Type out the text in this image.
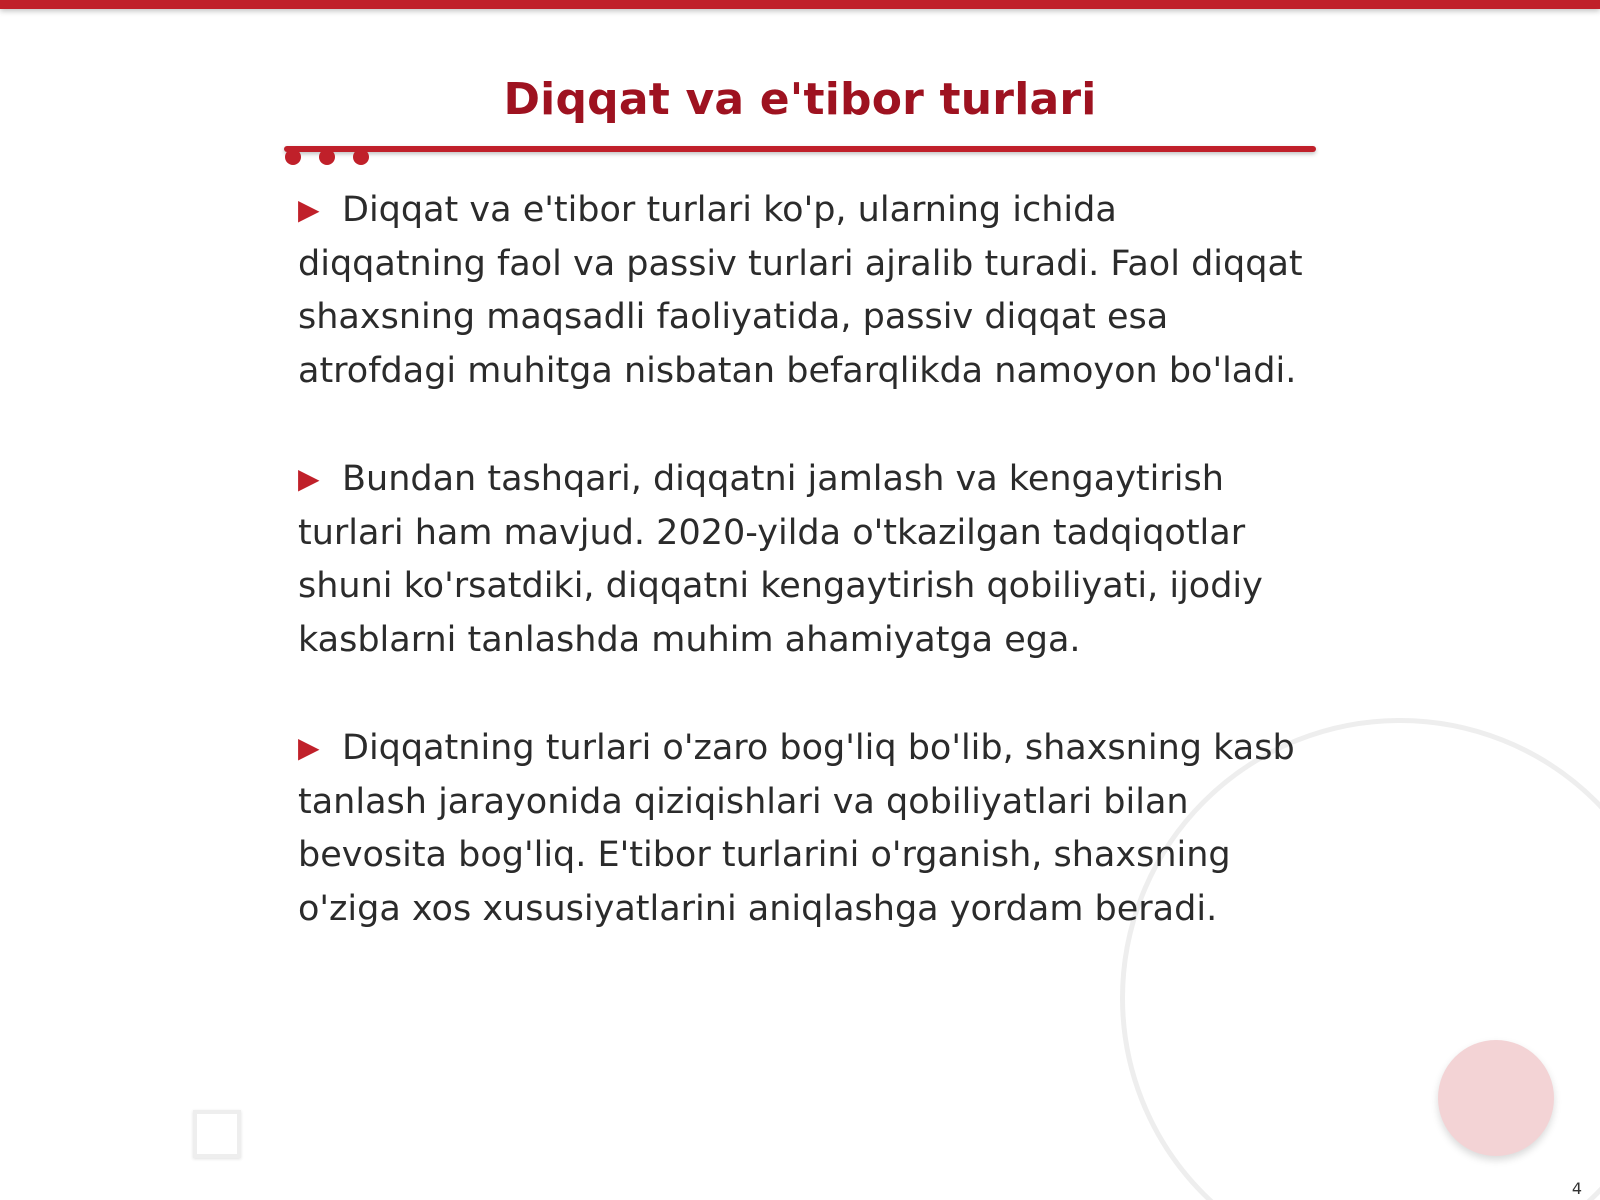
Diqqat va e'tibor turlari

▶ Diqqat va e'tibor turlari ko'p, ularning ichida diqqatning faol va passiv turlari ajralib turadi. Faol diqqat shaxsning maqsadli faoliyatida, passiv diqqat esa atrofdagi muhitga nisbatan befarqlikda namoyon bo'ladi.

▶ Bundan tashqari, diqqatni jamlash va kengaytirish turlari ham mavjud. 2020-yilda o'tkazilgan tadqiqotlar shuni ko'rsatdiki, diqqatni kengaytirish qobiliyati, ijodiy kasblarni tanlashda muhim ahamiyatga ega.

▶ Diqqatning turlari o'zaro bog'liq bo'lib, shaxsning kasb tanlash jarayonida qiziqishlari va qobiliyatlari bilan bevosita bog'liq. E'tibor turlarini o'rganish, shaxsning o'ziga xos xususiyatlarini aniqlashga yordam beradi.

4
